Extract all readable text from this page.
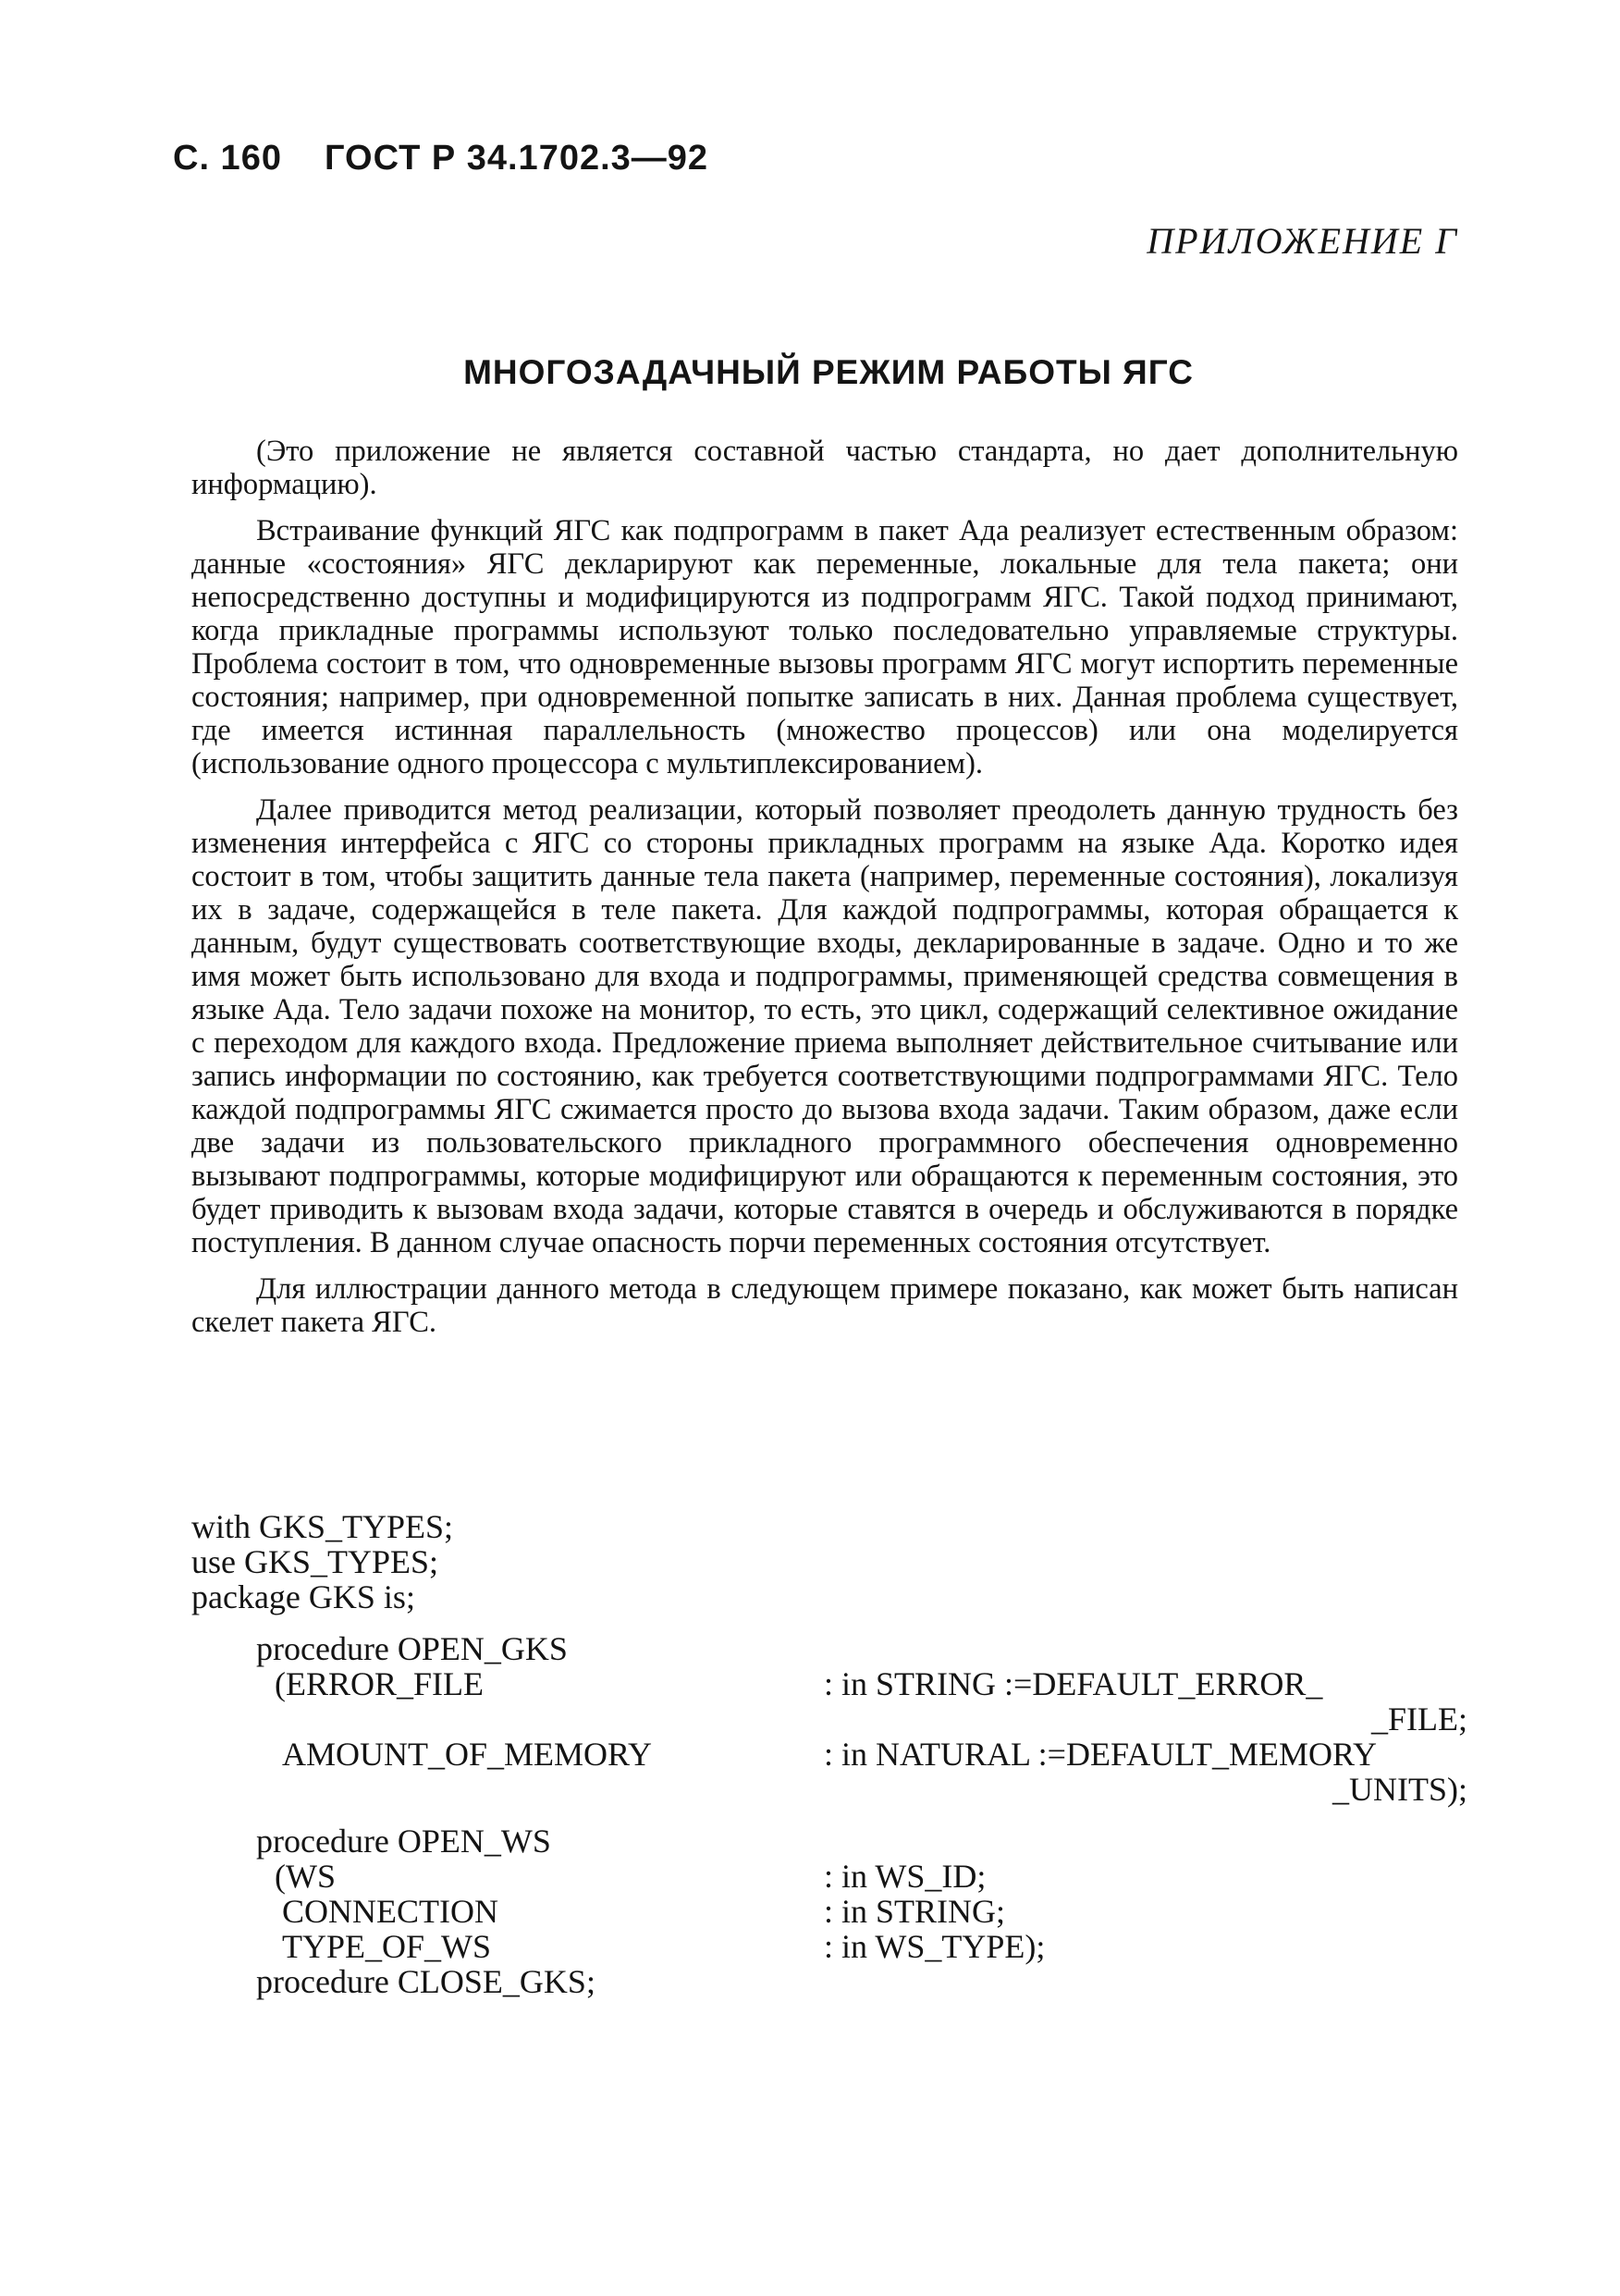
С. 160 ГОСТ Р 34.1702.3—92
ПРИЛОЖЕНИЕ Г
МНОГОЗАДАЧНЫЙ РЕЖИМ РАБОТЫ ЯГС

(Это приложение не является составной частью стандарта, но дает дополнительную информацию).

Встраивание функций ЯГС как подпрограмм в пакет Ада реализует естественным образом: данные «состояния» ЯГС декларируют как переменные, локальные для тела пакета; они непосредственно доступны и модифицируются из подпрограмм ЯГС. Такой подход принимают, когда прикладные программы используют только последовательно управляемые структуры. Проблема состоит в том, что одновременные вызовы программ ЯГС могут испортить переменные состояния; например, при одновременной попытке записать в них. Данная проблема существует, где имеется истинная параллельность (множество процессов) или она моделируется (использование одного процессора с мультиплексированием).

Далее приводится метод реализации, который позволяет преодолеть данную трудность без изменения интерфейса с ЯГС со стороны прикладных программ на языке Ада. Коротко идея состоит в том, чтобы защитить данные тела пакета (например, переменные состояния), локализуя их в задаче, содержащейся в теле пакета. Для каждой подпрограммы, которая обращается к данным, будут существовать соответствующие входы, декларированные в задаче. Одно и то же имя может быть использовано для входа и подпрограммы, применяющей средства совмещения в языке Ада. Тело задачи похоже на монитор, то есть, это цикл, содержащий селективное ожидание с переходом для каждого входа. Предложение приема выполняет действительное считывание или запись информации по состоянию, как требуется соответствующими подпрограммами ЯГС. Тело каждой подпрограммы ЯГС сжимается просто до вызова входа задачи. Таким образом, даже если две задачи из пользовательского прикладного программного обеспечения одновременно вызывают подпрограммы, которые модифицируют или обращаются к переменным состояния, это будет приводить к вызовам входа задачи, которые ставятся в очередь и обслуживаются в порядке поступления. В данном случае опасность порчи переменных состояния отсутствует.

Для иллюстрации данного метода в следующем примере показано, как может быть написан скелет пакета ЯГС.

with GKS_TYPES;
use GKS_TYPES;
package GKS is;
procedure OPEN_GKS
(ERROR_FILE	: in STRING :=DEFAULT_ERROR_
_FILE;
AMOUNT_OF_MEMORY	: in NATURAL :=DEFAULT_MEMORY
_UNITS);
procedure OPEN_WS
(WS	: in WS_ID;
CONNECTION	: in STRING;
TYPE_OF_WS	: in WS_TYPE);
procedure CLOSE_GKS;
